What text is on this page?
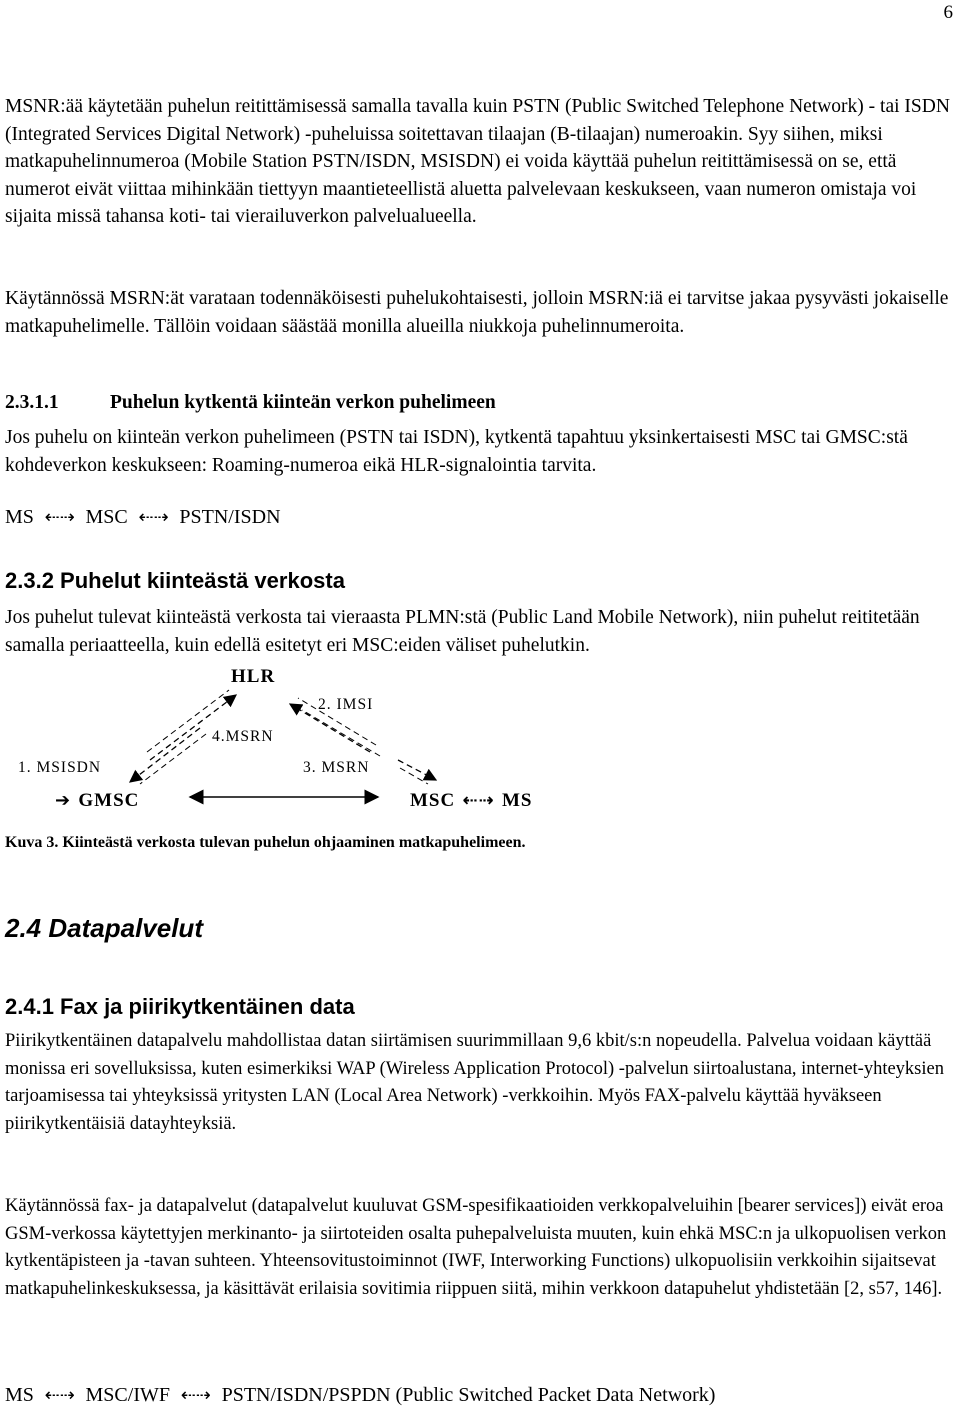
6

MSNR:ää käytetään puhelun reitittämisessä samalla tavalla kuin PSTN (Public Switched Telephone Network) - tai ISDN (Integrated Services Digital Network) -puheluissa soitettavan tilaajan (B-tilaajan) numeroakin. Syy siihen, miksi matkapuhelinnumeroa (Mobile Station PSTN/ISDN, MSISDN) ei voida käyttää puhelun reitittämisessä on se, että numerot eivät viittaa mihinkään tiettyyn maantieteellistä aluetta palvelevaan keskukseen, vaan numeron omistaja voi sijaita missä tahansa koti- tai vierailuverkon palvelualueella.

Käytännössä MSRN:ät varataan todennäköisesti puhelukohtaisesti, jolloin MSRN:iä ei tarvitse jakaa pysyvästi jokaiselle matkapuhelimelle. Tällöin voidaan säästää monilla alueilla niukkoja puhelinnumeroita.

2.3.1.1	Puhelun kytkentä kiinteän verkon puhelimeen

Jos puhelu on kiinteän verkon puhelimeen (PSTN tai ISDN), kytkentä tapahtuu yksinkertaisesti MSC tai GMSC:stä kohdeverkon keskukseen: Roaming-numeroa eikä HLR-signalointia tarvita.

MS  ⇠⇢  MSC  ⇠⇢  PSTN/ISDN
2.3.2 Puhelut kiinteästä verkosta

Jos puhelut tulevat kiinteästä verkosta tai vieraasta PLMN:stä (Public Land Mobile Network), niin puhelut reititetään samalla periaatteella, kuin edellä esitetyt eri MSC:eiden väliset puhelutkin.

HLR
2. IMSI
4.MSRN
1. MSISDN	3. MSRN
➔ GMSC	MSC ⇠⇢ MS
Kuva 3. Kiinteästä verkosta tulevan puhelun ohjaaminen matkapuhelimeen.
2.4 Datapalvelut
2.4.1 Fax ja piirikytkentäinen data

Piirikytkentäinen datapalvelu mahdollistaa datan siirtämisen suurimmillaan 9,6 kbit/s:n nopeudella. Palvelua voidaan käyttää monissa eri sovelluksissa, kuten esimerkiksi WAP (Wireless Application Protocol) -palvelun siirtoalustana, internet-yhteyksien tarjoamisessa tai yhteyksissä yritysten LAN (Local Area Network) -verkkoihin. Myös FAX-palvelu käyttää hyväkseen piirikytkentäisiä datayhteyksiä.

Käytännössä fax- ja datapalvelut (datapalvelut kuuluvat GSM-spesifikaatioiden verkkopalveluihin [bearer services]) eivät eroa GSM-verkossa käytettyjen merkinanto- ja siirtoteiden osalta puhepalveluista muuten, kuin ehkä MSC:n ja ulkopuolisen verkon kytkentäpisteen ja -tavan suhteen. Yhteensovitustoiminnot (IWF, Interworking Functions) ulkopuolisiin verkkoihin sijaitsevat matkapuhelinkeskuksessa, ja käsittävät erilaisia sovitimia riippuen siitä, mihin verkkoon datapuhelut yhdistetään [2, s57, 146].

MS  ⇠⇢  MSC/IWF  ⇠⇢  PSTN/ISDN/PSPDN (Public Switched Packet Data Network)
